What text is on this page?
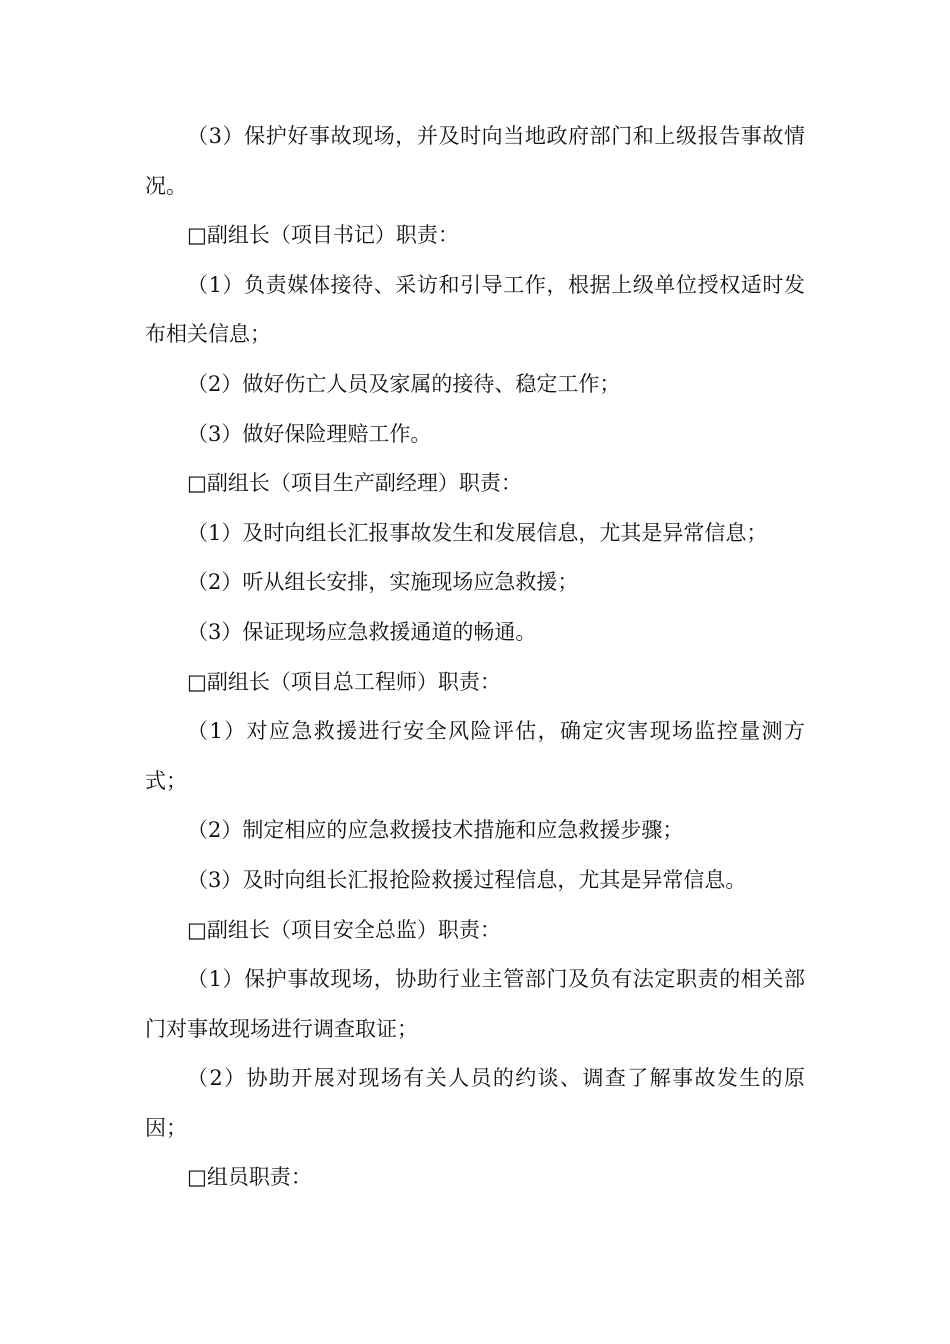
（3）保护好事故现场，并及时向当地政府部门和上级报告事故情况。

□副组长（项目书记）职责：

（1）负责媒体接待、采访和引导工作，根据上级单位授权适时发布相关信息；

（2）做好伤亡人员及家属的接待、稳定工作；

（3）做好保险理赔工作。

□副组长（项目生产副经理）职责：

（1）及时向组长汇报事故发生和发展信息，尤其是异常信息；

（2）听从组长安排，实施现场应急救援；

（3）保证现场应急救援通道的畅通。

□副组长（项目总工程师）职责：

（1）对应急救援进行安全风险评估，确定灾害现场监控量测方式；

（2）制定相应的应急救援技术措施和应急救援步骤；

（3）及时向组长汇报抢险救援过程信息，尤其是异常信息。

□副组长（项目安全总监）职责：

（1）保护事故现场，协助行业主管部门及负有法定职责的相关部门对事故现场进行调查取证；

（2）协助开展对现场有关人员的约谈、调查了解事故发生的原因；

□组员职责：
